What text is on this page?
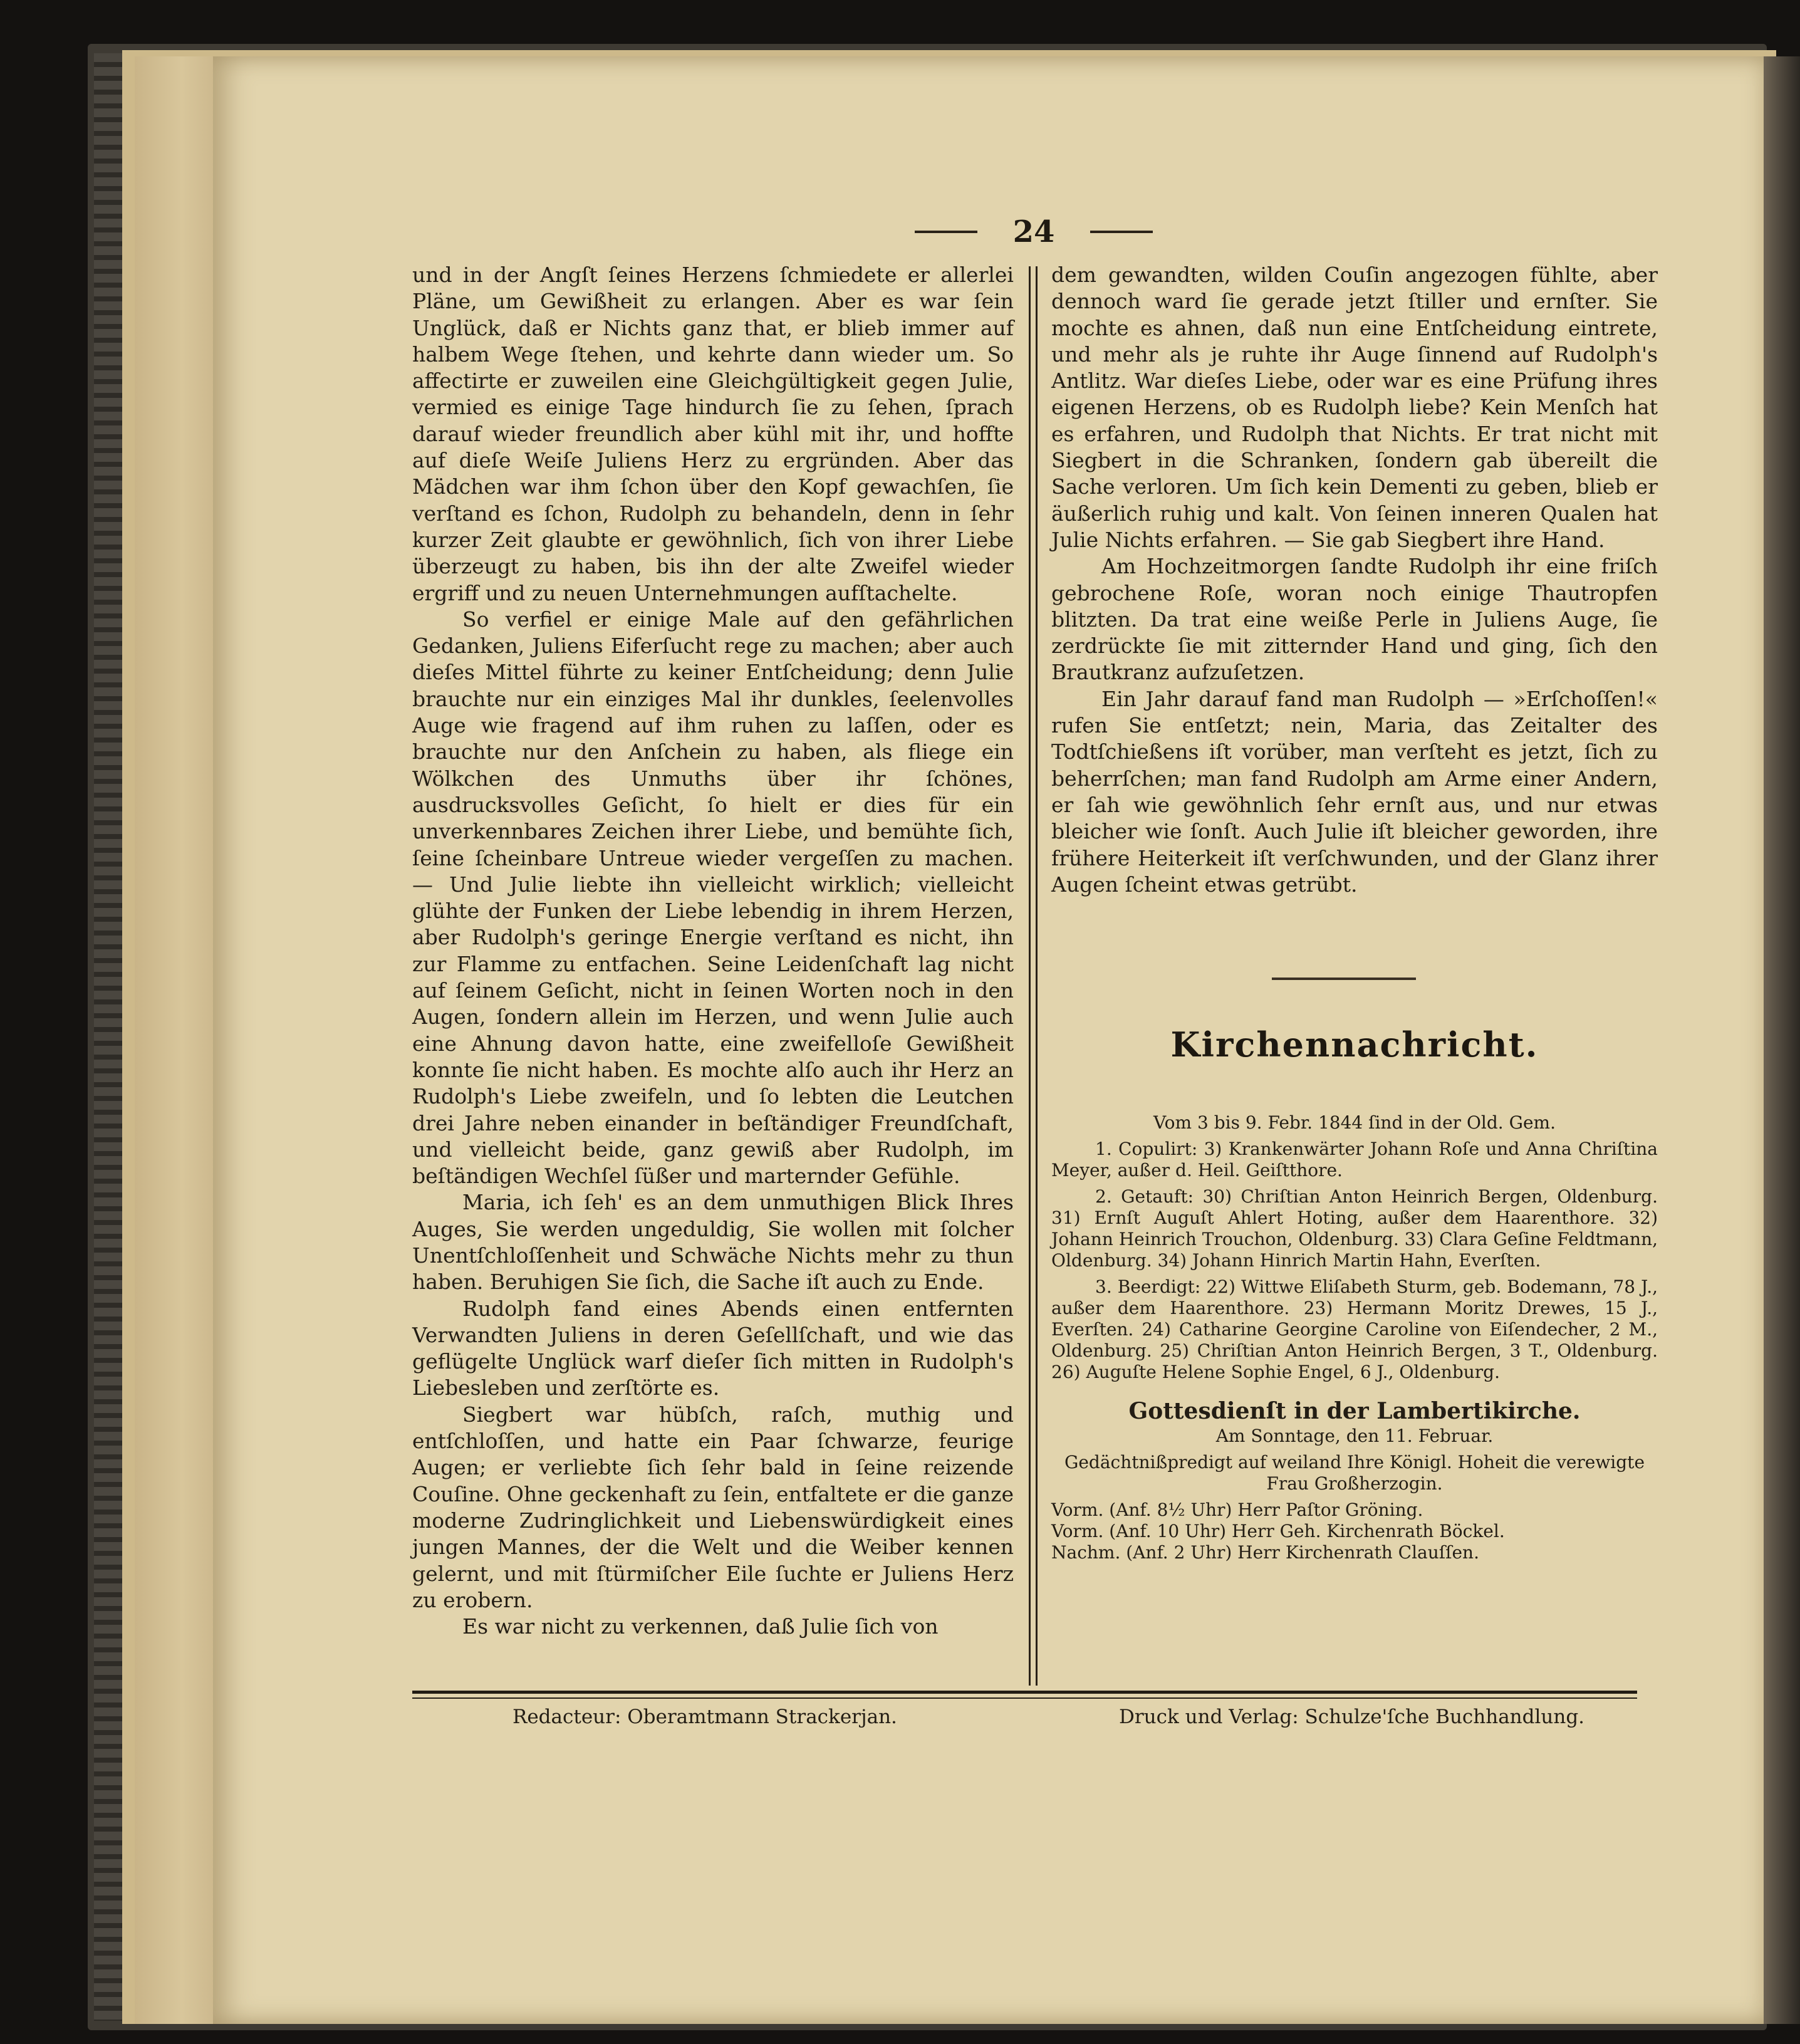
24

und in der Angſt ſeines Herzens ſchmiedete er allerlei Pläne, um Gewißheit zu erlangen. Aber es war ſein Unglück, daß er Nichts ganz that, er blieb immer auf halbem Wege ſtehen, und kehrte dann wieder um. So affectirte er zuweilen eine Gleichgültigkeit gegen Julie, vermied es einige Tage hindurch ſie zu ſehen, ſprach darauf wieder freundlich aber kühl mit ihr, und hoffte auf dieſe Weiſe Juliens Herz zu ergründen. Aber das Mädchen war ihm ſchon über den Kopf gewachſen, ſie verſtand es ſchon, Rudolph zu behandeln, denn in ſehr kurzer Zeit glaubte er gewöhnlich, ſich von ihrer Liebe überzeugt zu haben, bis ihn der alte Zweifel wieder ergriff und zu neuen Unternehmungen aufſtachelte.

So verfiel er einige Male auf den gefährlichen Gedanken, Juliens Eiferſucht rege zu machen; aber auch dieſes Mittel führte zu keiner Entſcheidung; denn Julie brauchte nur ein einziges Mal ihr dunkles, ſeelenvolles Auge wie fragend auf ihm ruhen zu laſſen, oder es brauchte nur den Anſchein zu haben, als fliege ein Wölkchen des Unmuths über ihr ſchönes, ausdrucksvolles Geſicht, ſo hielt er dies für ein unverkennbares Zeichen ihrer Liebe, und bemühte ſich, ſeine ſcheinbare Untreue wieder vergeſſen zu machen. — Und Julie liebte ihn vielleicht wirklich; vielleicht glühte der Funken der Liebe lebendig in ihrem Herzen, aber Rudolph's geringe Energie verſtand es nicht, ihn zur Flamme zu entfachen. Seine Leidenſchaft lag nicht auf ſeinem Geſicht, nicht in ſeinen Worten noch in den Augen, ſondern allein im Herzen, und wenn Julie auch eine Ahnung davon hatte, eine zweifelloſe Gewißheit konnte ſie nicht haben. Es mochte alſo auch ihr Herz an Rudolph's Liebe zweifeln, und ſo lebten die Leutchen drei Jahre neben einander in beſtändiger Freundſchaft, und vielleicht beide, ganz gewiß aber Rudolph, im beſtändigen Wechſel ſüßer und marternder Gefühle.

Maria, ich ſeh' es an dem unmuthigen Blick Ihres Auges, Sie werden ungeduldig, Sie wollen mit ſolcher Unentſchloſſenheit und Schwäche Nichts mehr zu thun haben. Beruhigen Sie ſich, die Sache iſt auch zu Ende.

Rudolph fand eines Abends einen entfernten Verwandten Juliens in deren Geſellſchaft, und wie das geflügelte Unglück warf dieſer ſich mitten in Rudolph's Liebesleben und zerſtörte es.

Siegbert war hübſch, raſch, muthig und entſchloſſen, und hatte ein Paar ſchwarze, feurige Augen; er verliebte ſich ſehr bald in ſeine reizende Couſine. Ohne geckenhaft zu ſein, entfaltete er die ganze moderne Zudringlichkeit und Liebenswürdigkeit eines jungen Mannes, der die Welt und die Weiber kennen gelernt, und mit ſtürmiſcher Eile ſuchte er Juliens Herz zu erobern.

Es war nicht zu verkennen, daß Julie ſich von

dem gewandten, wilden Couſin angezogen fühlte, aber dennoch ward ſie gerade jetzt ſtiller und ernſter. Sie mochte es ahnen, daß nun eine Entſcheidung eintrete, und mehr als je ruhte ihr Auge ſinnend auf Rudolph's Antlitz. War dieſes Liebe, oder war es eine Prüfung ihres eigenen Herzens, ob es Rudolph liebe? Kein Menſch hat es erfahren, und Rudolph that Nichts. Er trat nicht mit Siegbert in die Schranken, ſondern gab übereilt die Sache verloren. Um ſich kein Dementi zu geben, blieb er äußerlich ruhig und kalt. Von ſeinen inneren Qualen hat Julie Nichts erfahren. — Sie gab Siegbert ihre Hand.

Am Hochzeitmorgen ſandte Rudolph ihr eine friſch gebrochene Roſe, woran noch einige Thautropfen blitzten. Da trat eine weiße Perle in Juliens Auge, ſie zerdrückte ſie mit zitternder Hand und ging, ſich den Brautkranz aufzuſetzen.

Ein Jahr darauf fand man Rudolph — »Erſchoſſen!« rufen Sie entſetzt; nein, Maria, das Zeitalter des Todtſchießens iſt vorüber, man verſteht es jetzt, ſich zu beherrſchen; man fand Rudolph am Arme einer Andern, er ſah wie gewöhnlich ſehr ernſt aus, und nur etwas bleicher wie ſonſt. Auch Julie iſt bleicher geworden, ihre frühere Heiterkeit iſt verſchwunden, und der Glanz ihrer Augen ſcheint etwas getrübt.

Kirchennachricht.

Vom 3 bis 9. Febr. 1844 ſind in der Old. Gem.

1. Copulirt: 3) Krankenwärter Johann Roſe und Anna Chriſtina Meyer, außer d. Heil. Geiſtthore.

2. Getauft: 30) Chriſtian Anton Heinrich Bergen, Oldenburg. 31) Ernſt Auguſt Ahlert Hoting, außer dem Haarenthore. 32) Johann Heinrich Trouchon, Oldenburg. 33) Clara Geſine Feldtmann, Oldenburg. 34) Johann Hinrich Martin Hahn, Everſten.

3. Beerdigt: 22) Wittwe Eliſabeth Sturm, geb. Bodemann, 78 J., außer dem Haarenthore. 23) Hermann Moritz Drewes, 15 J., Everſten. 24) Catharine Georgine Caroline von Eiſendecher, 2 M., Oldenburg. 25) Chriſtian Anton Heinrich Bergen, 3 T., Oldenburg. 26) Auguſte Helene Sophie Engel, 6 J., Oldenburg.

Gottesdienſt in der Lambertikirche.

Am Sonntage, den 11. Februar.

Gedächtnißpredigt auf weiland Ihre Königl. Hoheit die verewigte Frau Großherzogin.

Vorm. (Anf. 8½ Uhr) Herr Paſtor Gröning.

Vorm. (Anf. 10 Uhr) Herr Geh. Kirchenrath Böckel.

Nachm. (Anf. 2 Uhr) Herr Kirchenrath Clauſſen.

Redacteur: Oberamtmann Strackerjan.	Druck und Verlag: Schulze'ſche Buchhandlung.
